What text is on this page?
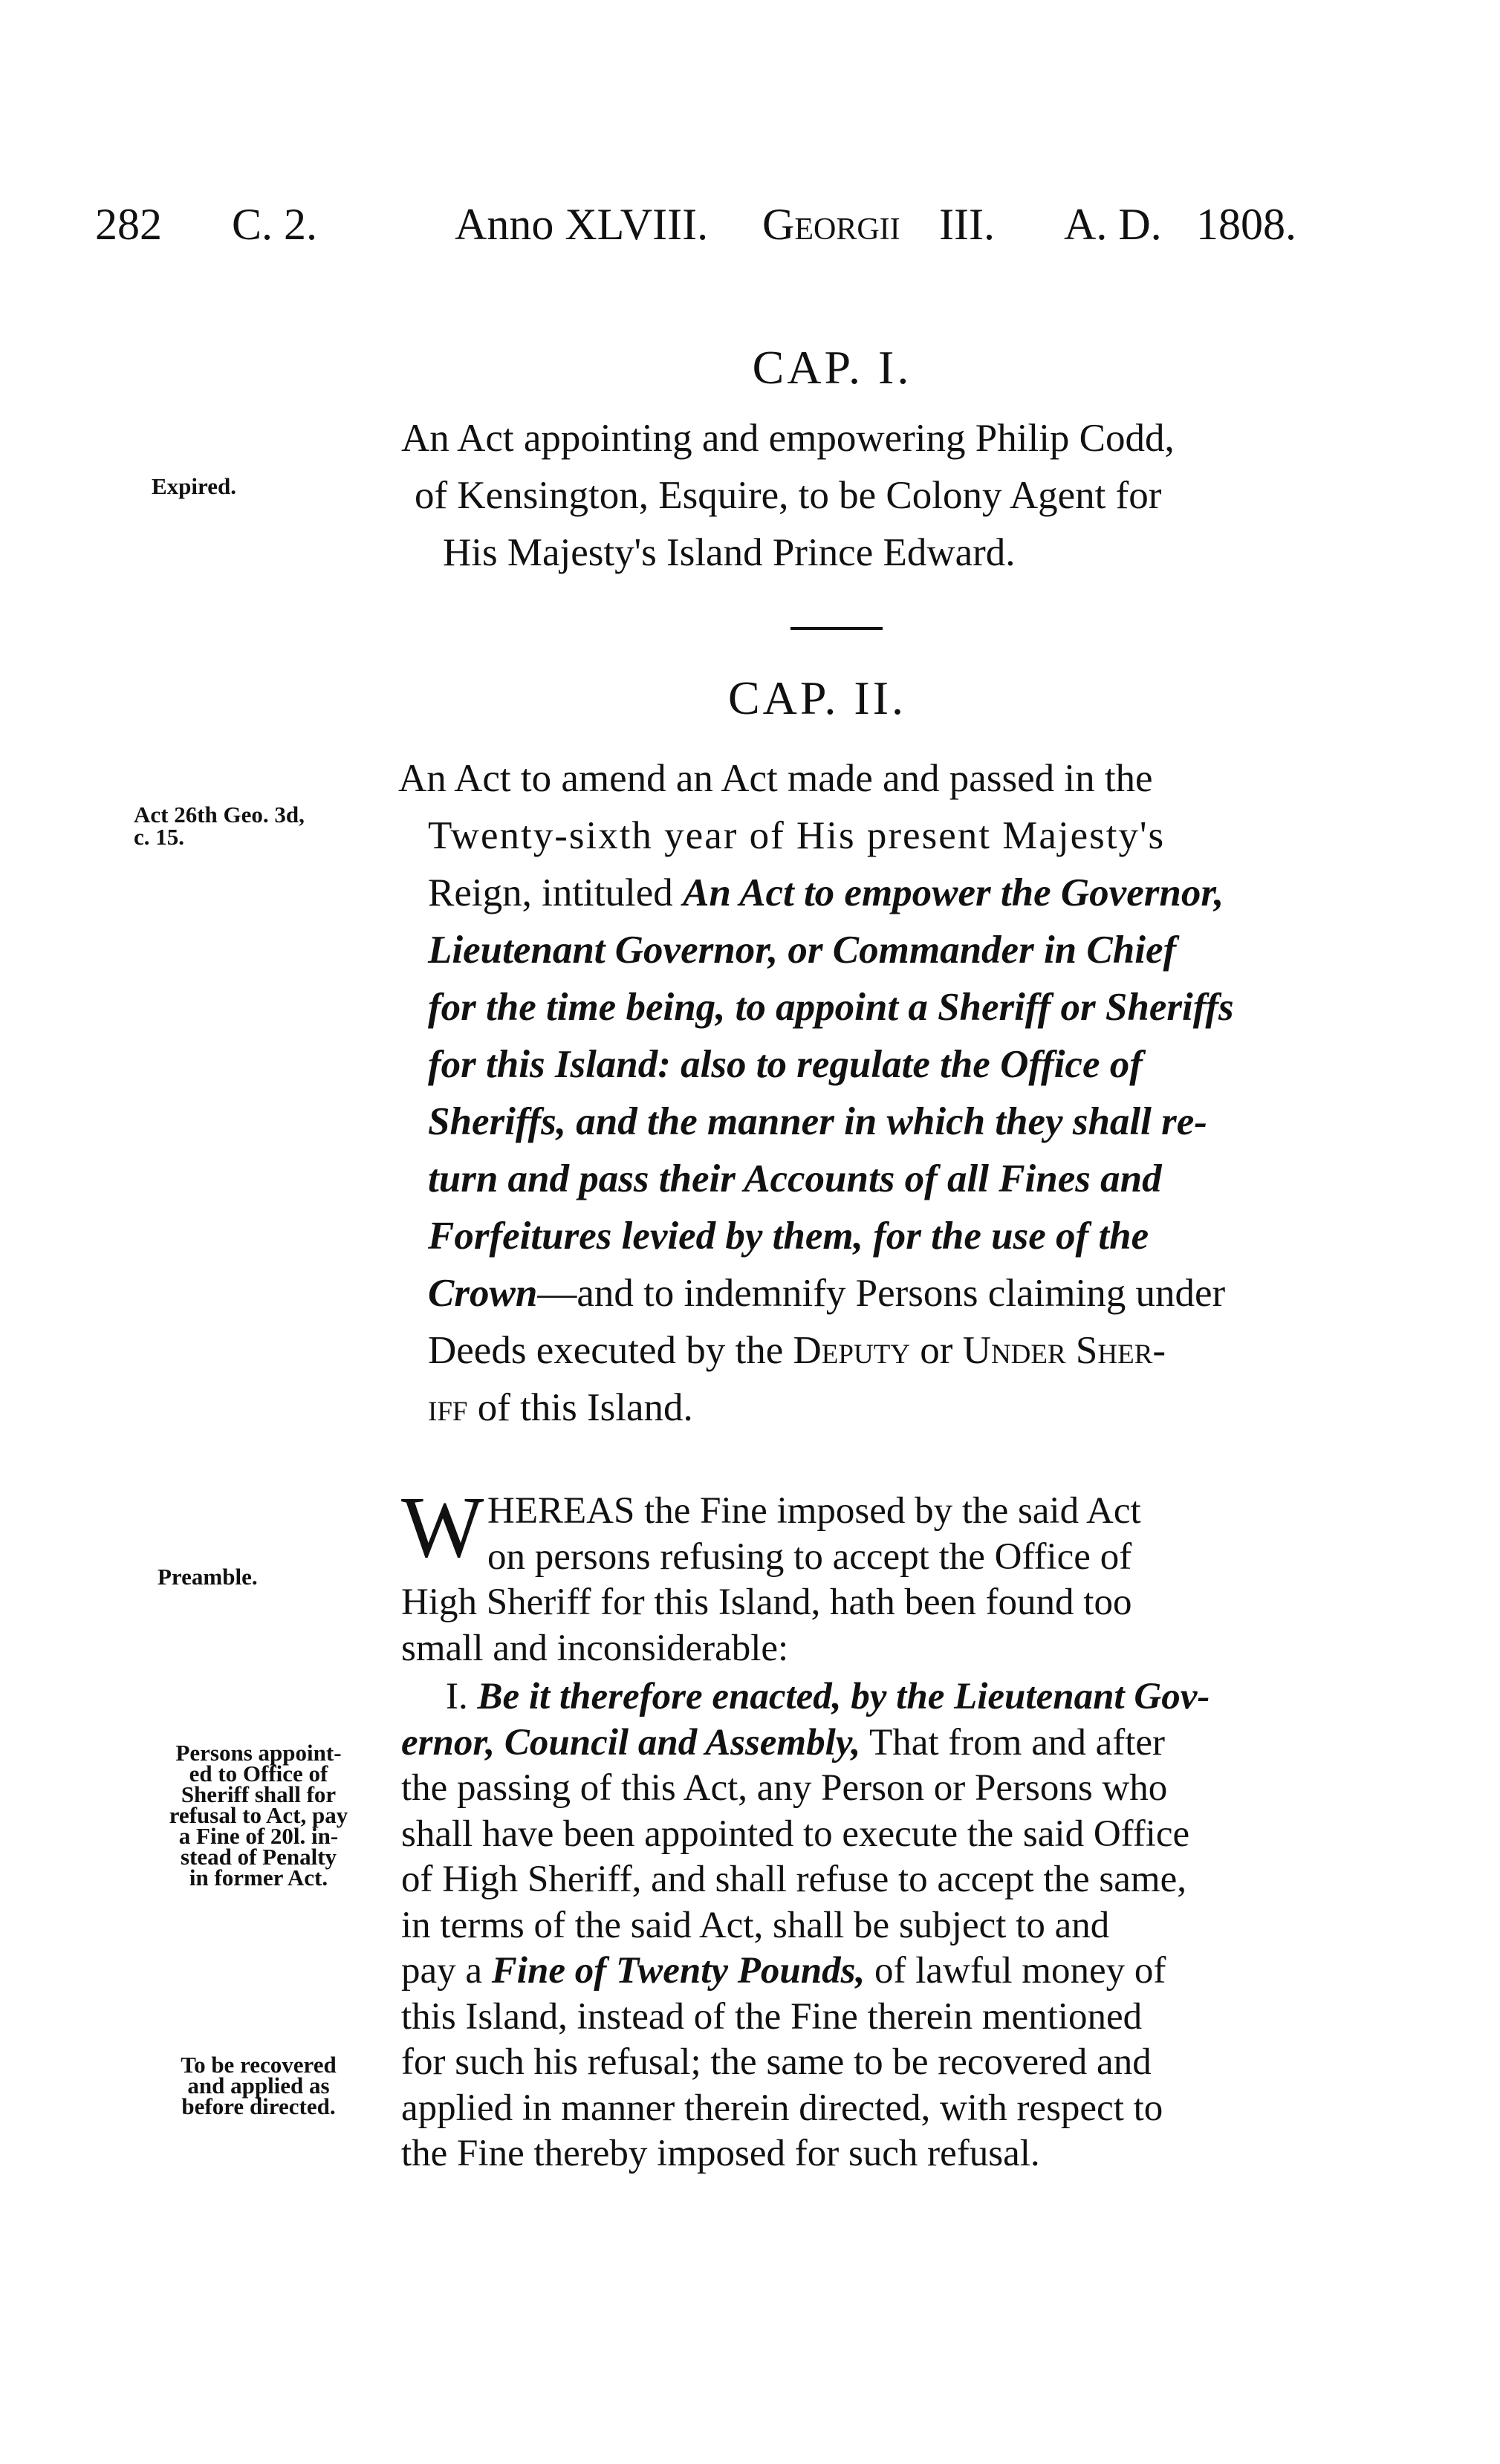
282 C. 2.	Anno XLVIII. Georgii III. A. D. 1808.
CAP. I.
Expired.

An Act appointing and empowering Philip Codd,

of Kensington, Esquire, to be Colony Agent for

His Majesty's Island Prince Edward.

CAP. II.
Act 26th Geo. 3d,
c. 15.

An Act to amend an Act made and passed in the

Twenty-sixth year of His present Majesty's

Reign, intituled An Act to empower the Governor,

Lieutenant Governor, or Commander in Chief

for the time being, to appoint a Sheriff or Sheriffs

for this Island: also to regulate the Office of

Sheriffs, and the manner in which they shall re-

turn and pass their Accounts of all Fines and

Forfeitures levied by them, for the use of the

Crown—and to indemnify Persons claiming under

Deeds executed by the Deputy or Under Sher-

iff of this Island.

Preamble.
W HEREAS the Fine imposed by the said Act

on persons refusing to accept the Office of

High Sheriff for this Island, hath been found too

small and inconsiderable:

Persons appoint-
ed to Office of
Sheriff shall for
refusal to Act, pay
a Fine of 20l. in-
stead of Penalty
in former Act.
To be recovered
and applied as
before directed.

I. Be it therefore enacted, by the Lieutenant Gov-

ernor, Council and Assembly, That from and after

the passing of this Act, any Person or Persons who

shall have been appointed to execute the said Office

of High Sheriff, and shall refuse to accept the same,

in terms of the said Act, shall be subject to and

pay a Fine of Twenty Pounds, of lawful money of

this Island, instead of the Fine therein mentioned

for such his refusal; the same to be recovered and

applied in manner therein directed, with respect to

the Fine thereby imposed for such refusal.
